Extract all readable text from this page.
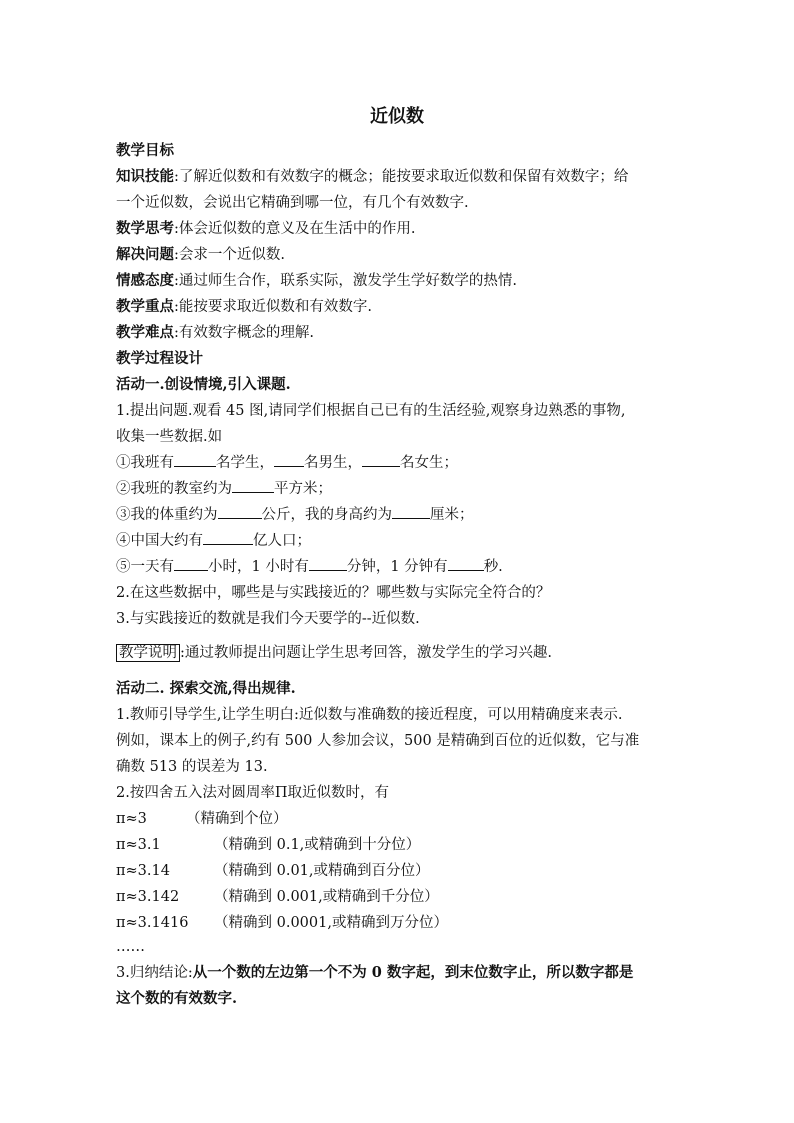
近似数
教学目标
知识技能:了解近似数和有效数字的概念；能按要求取近似数和保留有效数字；给
一个近似数，会说出它精确到哪一位，有几个有效数字.
数学思考:体会近似数的意义及在生活中的作用.
解决问题:会求一个近似数.
情感态度:通过师生合作，联系实际，激发学生学好数学的热情.
教学重点:能按要求取近似数和有效数字.
教学难点:有效数字概念的理解.
教学过程设计
活动一.创设情境,引入课题.
1.提出问题.观看 45 图,请同学们根据自己已有的生活经验,观察身边熟悉的事物,
收集一些数据.如
①我班有	名学生， 名男生，	名女生；
②我班的教室约为	平方米；
③我的体重约为	公斤，我的身高约为	厘米；
④中国大约有	亿人口；
⑤一天有 小时，1 小时有	分钟，1 分钟有 秒.
2.在这些数据中，哪些是与实践接近的？哪些数与实际完全符合的？
3.与实践接近的数就是我们今天要学的--近似数.
教学说明 :通过教师提出问题让学生思考回答，激发学生的学习兴趣.
活动二. 探索交流,得出规律.
1.教师引导学生,让学生明白:近似数与准确数的接近程度，可以用精确度来表示.
例如，课本上的例子,约有 500 人参加会议，500 是精确到百位的近似数，它与准
确数 513 的误差为 13.
2.按四舍五入法对圆周率Π取近似数时，有
π≈3	（精确到个位）
π≈3.1	（精确到 0.1,或精确到十分位）
π≈3.14	（精确到 0.01,或精确到百分位）
π≈3.142 （精确到 0.001,或精确到千分位）
π≈3.1416 （精确到 0.0001,或精确到万分位）
……
3.归纳结论:从一个数的左边第一个不为 0 数字起，到末位数字止，所以数字都是
这个数的有效数字.
